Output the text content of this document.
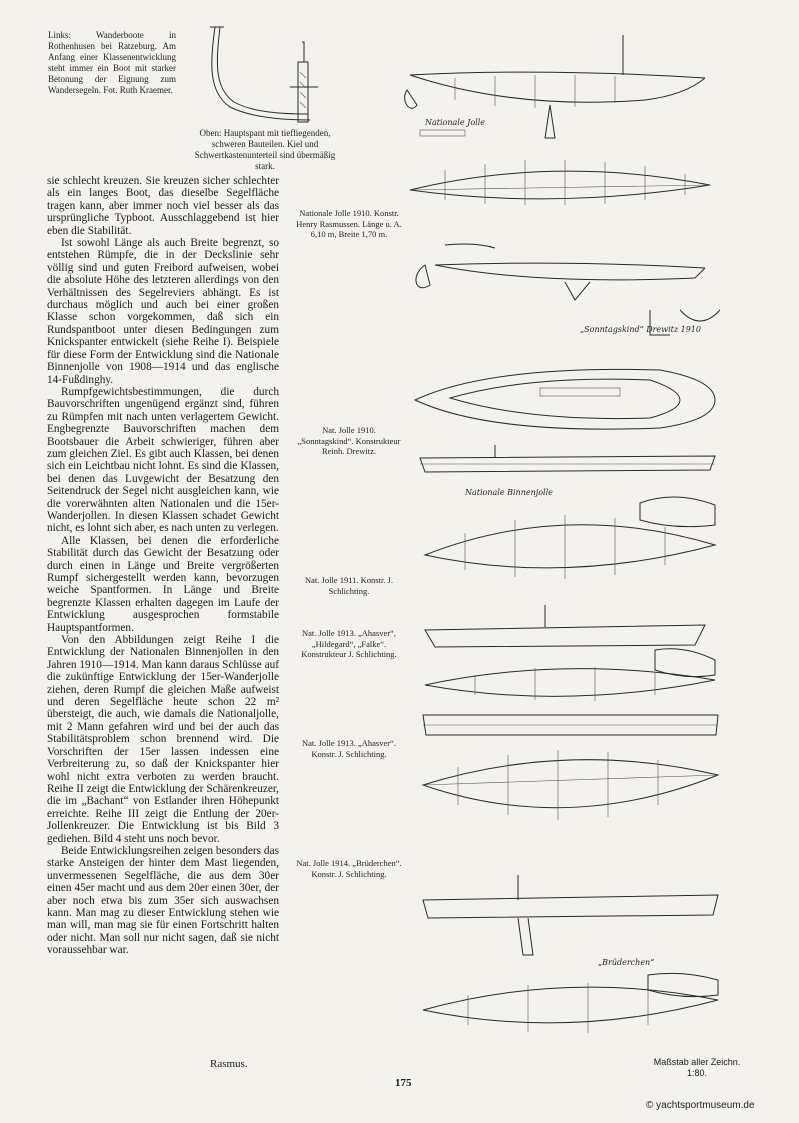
Links: Wanderboote in Rothenhusen bei Ratzeburg. Am Anfang einer Klassenentwicklung steht immer ein Boot mit starker Betonung der Eignung zum Wandersegeln. Fot. Ruth Kraemer.
Oben: Hauptspant mit tiefliegenden, schweren Bauteilen. Kiel und Schwertkastenunterteil sind übermäßig stark.
Nationale Jolle
Nationale Jolle 1910. Konstr. Henry Rasmussen. Länge u. A. 6,10 m, Breite 1,70 m.
„Sonntagskind“ Drewitz 1910
Nat. Jolle 1910. „Sonntagskind“. Konstrukteur Reinh. Drewitz.
Nationale Binnenjolle
Nat. Jolle 1911. Konstr. J. Schlichting.
Nat. Jolle 1913. „Ahasver“, „Hildegard“, „Falke“. Konstrukteur J. Schlichting.
Nat. Jolle 1913. „Ahasver“. Konstr. J. Schlichting.
„Brüderchen“
Nat. Jolle 1914. „Brüderchen“. Konstr. J. Schlichting.

sie schlecht kreuzen. Sie kreuzen sicher schlechter als ein langes Boot, das dieselbe Segelfläche tragen kann, aber immer noch viel besser als das ursprüngliche Typboot. Ausschlaggebend ist hier eben die Stabilität.

Ist sowohl Länge als auch Breite begrenzt, so entstehen Rümpfe, die in der Deckslinie sehr völlig sind und guten Freibord aufweisen, wobei die absolute Höhe des letzteren allerdings von den Verhältnissen des Segelreviers abhängt. Es ist durchaus möglich und auch bei einer großen Klasse schon vorgekommen, daß sich ein Rundspantboot unter diesen Bedingungen zum Knickspanter entwickelt (siehe Reihe I). Beispiele für diese Form der Entwicklung sind die Nationale Binnenjolle von 1908—1914 und das englische 14-Fußdinghy.

Rumpfgewichtsbestimmungen, die durch Bauvorschriften ungenügend ergänzt sind, führen zu Rümpfen mit nach unten verlagertem Gewicht. Engbegrenzte Bauvorschriften machen dem Bootsbauer die Arbeit schwieriger, führen aber zum gleichen Ziel. Es gibt auch Klassen, bei denen sich ein Leichtbau nicht lohnt. Es sind die Klassen, bei denen das Luvgewicht der Besatzung den Seitendruck der Segel nicht ausgleichen kann, wie die vorerwähnten alten Nationalen und die 15er-Wanderjollen. In diesen Klassen schadet Gewicht nicht, es lohnt sich aber, es nach unten zu verlegen.

Alle Klassen, bei denen die erforderliche Stabilität durch das Gewicht der Besatzung oder durch einen in Länge und Breite vergrößerten Rumpf sichergestellt werden kann, bevorzugen weiche Spantformen. In Länge und Breite begrenzte Klassen erhalten dagegen im Laufe der Entwicklung ausgesprochen formstabile Hauptspantformen.

Von den Abbildungen zeigt Reihe I die Entwicklung der Nationalen Binnenjollen in den Jahren 1910—1914. Man kann daraus Schlüsse auf die zukünftige Entwicklung der 15er-Wanderjolle ziehen, deren Rumpf die gleichen Maße aufweist und deren Segelfläche heute schon 22 m² übersteigt, die auch, wie damals die Nationaljolle, mit 2 Mann gefahren wird und bei der auch das Stabilitätsproblem schon brennend wird. Die Vorschriften der 15er lassen indessen eine Verbreiterung zu, so daß der Knickspanter hier wohl nicht extra verboten zu werden braucht. Reihe II zeigt die Entwicklung der Schärenkreuzer, die im „Bachant“ von Estlander ihren Höhepunkt erreichte. Reihe III zeigt die Entlung der 20er-Jollenkreuzer. Die Entwicklung ist bis Bild 3 gediehen. Bild 4 steht uns noch bevor.

Beide Entwicklungsreihen zeigen besonders das starke Ansteigen der hinter dem Mast liegenden, unvermessenen Segelfläche, die aus dem 30er einen 45er macht und aus dem 20er einen 30er, der aber noch etwa bis zum 35er sich auswachsen kann. Man mag zu dieser Entwicklung stehen wie man will, man mag sie für einen Fortschritt halten oder nicht. Man soll nur nicht sagen, daß sie nicht voraussehbar war.

Rasmus.
175
Maßstab aller Zeichn. 1:80.
© yachtsportmuseum.de
